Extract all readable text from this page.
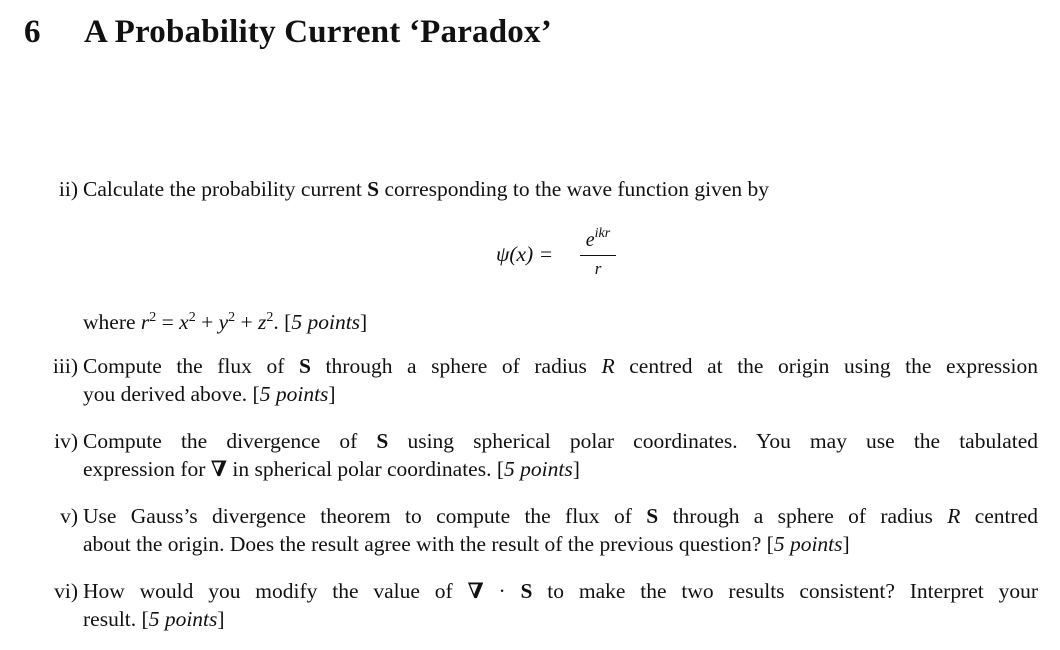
6 A Probability Current ‘Paradox’
ii) Calculate the probability current S corresponding to the wave function given by
ψ(x) =
$e^{ikr}$
r
where $r^2 = x^2 + y^2 + z^2$. [5 points]
iii) Compute the flux of S through a sphere of radius R centred at the origin using the expression
you derived above. [5 points]
iv) Compute the divergence of S using spherical polar coordinates. You may use the tabulated
expression for ∇ in spherical polar coordinates. [5 points]
v) Use Gauss’s divergence theorem to compute the flux of S through a sphere of radius R centred
about the origin. Does the result agree with the result of the previous question? [5 points]
vi) How would you modify the value of ∇ · S to make the two results consistent? Interpret your
result. [5 points]
